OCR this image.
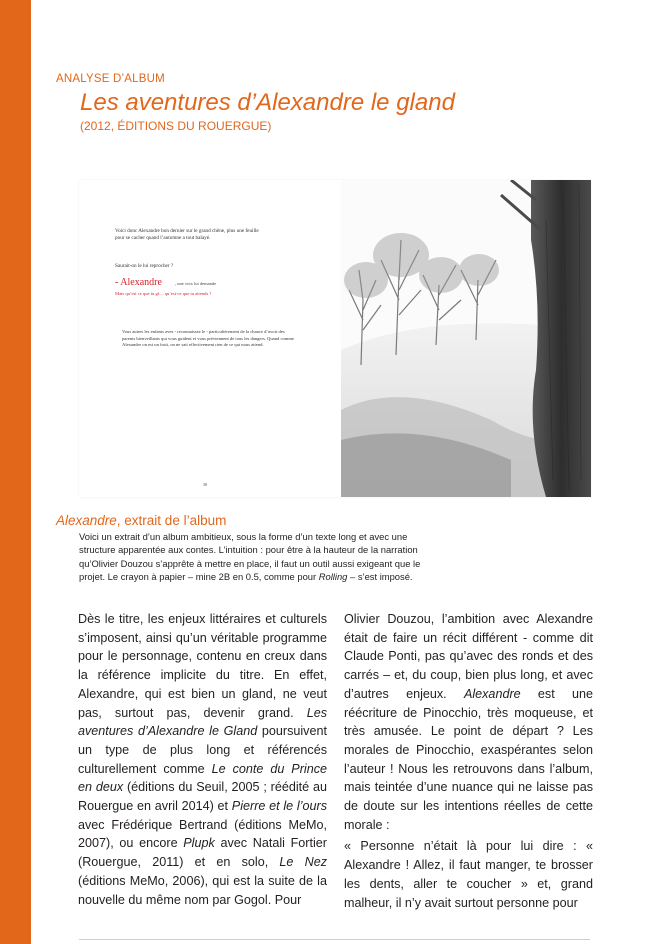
ANALYSE D’ALBUM
Les aventures d’Alexandre le gland
(2012, ÉDITIONS DU ROUERGUE)
Voici donc Alexandre bon dernier sur le grand chêne, plus une feuille pour se cacher quand l’automne a tout balayé.
Saurait-on le lui reprocher ?
- Alexandre	, une voix lui demande
Mais qu’est ce que tu gl..., qu’est-ce que tu attends ?
Vous autres les enfants avez - reconnaissez le - particulièrement de la chance d’avoir des parents bienveillants qui vous guident et vous préviennent de tous les dangers. Quand comme Alexandre on est un fruit, on ne sait effectivement rien de ce qui nous attend.
30
Alexandre, extrait de l’album
Voici un extrait d’un album ambitieux, sous la forme d’un texte long et avec une
structure apparentée aux contes. L’intuition : pour être à la hauteur de la narration
qu’Olivier Douzou s’apprête à mettre en place, il faut un outil aussi exigeant que le
projet. Le crayon à papier – mine 2B en 0.5, comme pour Rolling – s’est imposé.

Dès le titre, les enjeux littéraires et culturels s’imposent, ainsi qu’un véritable programme pour le personnage, contenu en creux dans la référence implicite du titre. En effet, Alexandre, qui est bien un gland, ne veut pas, surtout pas, devenir grand. Les aventures d’Alexandre le Gland poursuivent un type de plus long et référencés culturellement comme Le conte du Prince en deux (éditions du Seuil, 2005 ; réédité au Rouergue en avril 2014) et Pierre et le l’ours avec Frédérique Bertrand (éditions MeMo, 2007), ou encore Plupk avec Natali Fortier (Rouergue, 2011) et en solo, Le Nez (éditions MeMo, 2006), qui est la suite de la nouvelle du même nom par Gogol. Pour

Olivier Douzou, l’ambition avec Alexandre était de faire un récit différent - comme dit Claude Ponti, pas qu’avec des ronds et des carrés – et, du coup, bien plus long, et avec d’autres enjeux. Alexandre est une réécriture de Pinocchio, très moqueuse, et très amusée. Le point de départ ? Les morales de Pinocchio, exaspérantes selon l’auteur ! Nous les retrouvons dans l’album, mais teintée d’une nuance qui ne laisse pas de doute sur les intentions réelles de cette morale :

« Personne n’était là pour lui dire : « Alexandre ! Allez, il faut manger, te brosser les dents, aller te coucher » et, grand malheur, il n’y avait surtout personne pour
